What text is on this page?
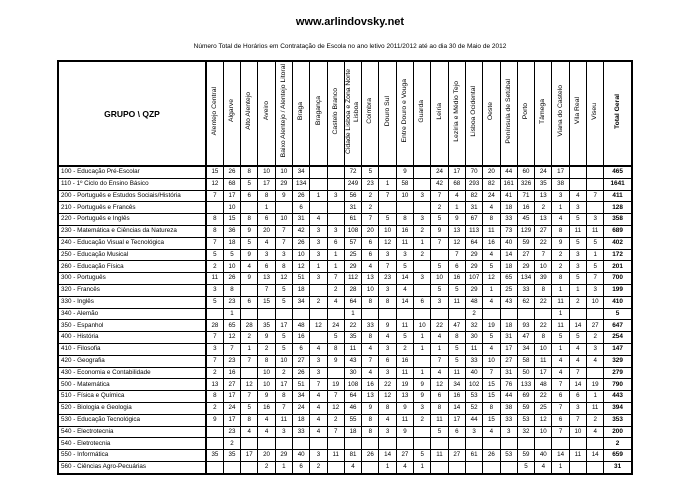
www.arlindovsky.net
Número Total de Horários em Contratação de Escola no ano letivo 2011/2012 até ao dia 30 de Maio de 2012
GRUPO \ QZP	Alentejo Central	Algarve	Alto Alentejo	Aveiro	Baixo Alentejo / Alentejo Litoral	Braga	Bragança	Castelo Branco	Cidade Lisboa e Zona Norte Lisboa	Coimbra	Douro Sul	Entre Douro e Vouga	Guarda	Leiria	Lezíria e Médio Tejo	Lisboa Ocidental	Oeste	Península de Setúbal	Porto	Tâmega	Viana do Castelo	Vila Real	Viseu	Total Geral
100 - Educação Pré-Escolar	15	26	8	10	10	34			72	5		9		24	17	70	20	44	60	24	17			465
110 - 1º Ciclo do Ensino Básico	12	68	5	17	29	134			249	23	1	58		42	68	293	82	161	326	35	38			1641
200 - Português e Estudos Sociais/História	7	17	6	8	9	26	1	3	56	2	7	10	3	7	4	82	24	41	71	13	3	4	7	411
210 - Português e Francês		10		1		6			31	2				2	1	31	4	18	16	2	1	3		128
220 - Português e Inglês	8	15	8	6	10	31	4		61	7	5	8	3	5	9	67	8	33	45	13	4	5	3	358
230 - Matemática e Ciências da Natureza	8	36	9	20	7	42	3	3	108	20	10	16	2	9	13	113	11	73	129	27	8	11	11	689
240 - Educação Visual e Tecnológica	7	18	5	4	7	26	3	6	57	6	12	11	1	7	12	64	16	40	59	22	9	5	5	402
250 - Educação Musical	5	5	9	3	3	10	3	1	25	6	3	3	2		7	29	4	14	27	7	2	3	1	172
260 - Educação Física	2	10	4	6	8	12	1	1	29	4	7	5		5	6	29	5	18	29	10	2	3	5	201
300 - Português	11	26	9	13	12	51	3	7	112	13	23	14	3	10	16	107	12	65	134	39	8	5	7	700
320 - Francês	3	8		7	5	18		2	28	10	3	4		5	5	29	1	25	33	8	1	1	3	199
330 - Inglês	5	23	6	15	5	34	2	4	64	8	8	14	6	3	11	48	4	43	62	22	11	2	10	410
340 - Alemão		1							1							2					1			5
350 - Espanhol	28	65	28	35	17	48	12	24	22	33	9	11	10	22	47	32	19	18	93	22	11	14	27	647
400 - História	7	12	2	9	5	16		5	35	8	4	5	1	4	8	30	5	31	47	8	5	5	2	254
410 - Filosofia	3	7	1	2	5	6	4	8	11	4	3	2	1	1	5	11	4	17	34	10	1	4	3	147
420 - Geografia	7	23	7	8	10	27	3	9	43	7	6	16		7	5	33	10	27	58	11	4	4	4	329
430 - Economia e Contabilidade	2	16		10	2	26	3		30	4	3	11	1	4	11	40	7	31	50	17	4	7		279
500 - Matemática	13	27	12	10	17	51	7	19	108	16	22	19	9	12	34	102	15	76	133	48	7	14	19	790
510 - Física e Química	8	17	7	9	8	34	4	7	64	13	12	13	9	6	16	53	15	44	69	22	6	6	1	443
520 - Biologia e Geologia	2	24	5	16	7	24	4	12	46	9	8	9	3	8	14	52	8	38	59	25	7	3	11	394
530 - Educação Tecnológica	9	17	8	4	11	18	4	2	55	8	4	11	2	11	17	44	15	33	53	12	6	7	2	353
540 - Electrotecnia		23	4	4	3	33	4	7	18	8	3	9		5	6	3	4	3	32	10	7	10	4	200
540 - Eletrotecnia		2																						2
550 - Informática	35	35	17	20	29	40	3	11	81	26	14	27	5	11	27	61	26	53	59	40	14	11	14	659
560 - Ciências Agro-Pecuárias				2	1	6	2		4		1	4	1						5	4	1			31
